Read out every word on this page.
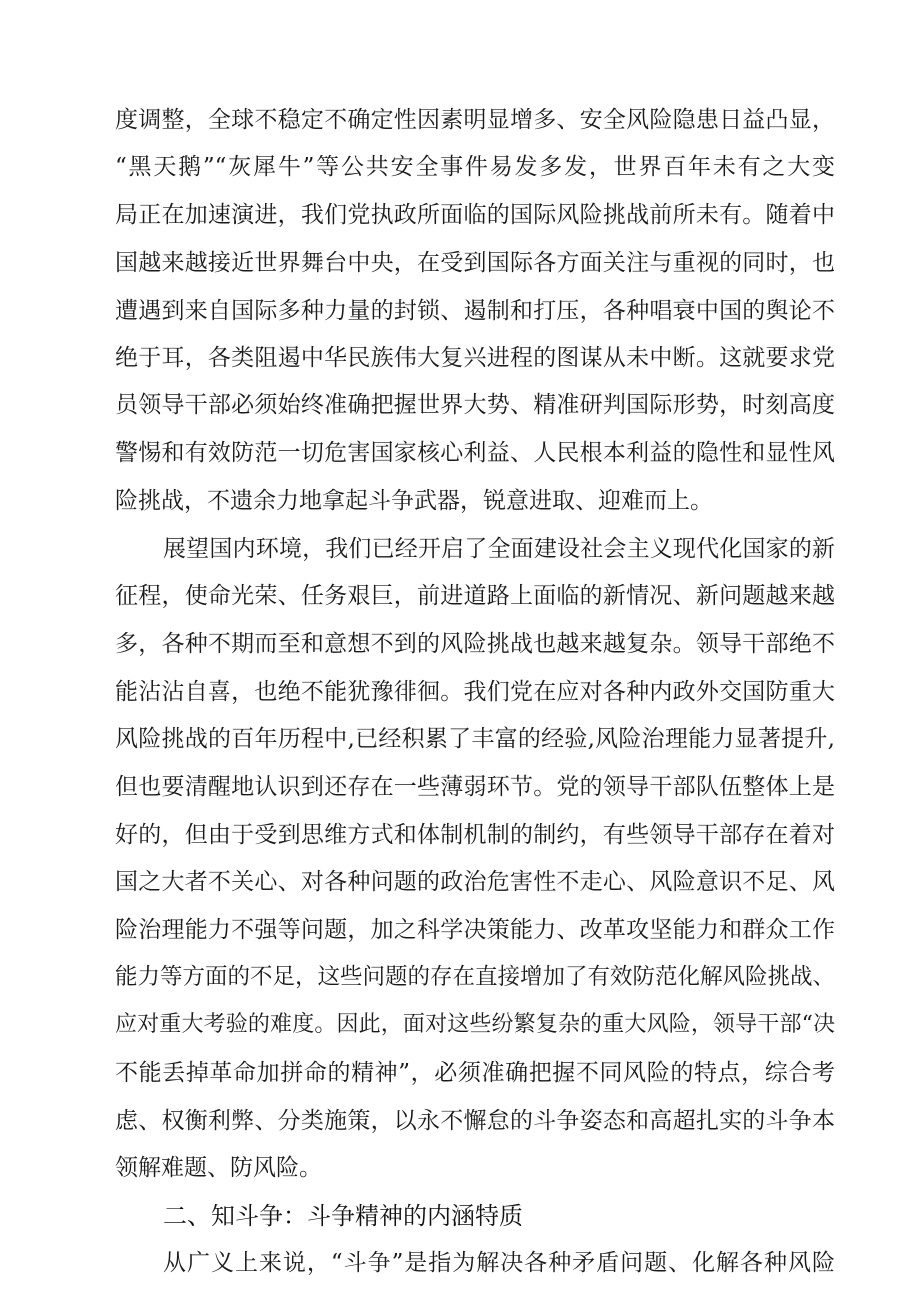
度调整，全球不稳定不确定性因素明显增多、安全风险隐患日益凸显，
“黑天鹅”“灰犀牛”等公共安全事件易发多发，世界百年未有之大变
局正在加速演进，我们党执政所面临的国际风险挑战前所未有。随着中
国越来越接近世界舞台中央，在受到国际各方面关注与重视的同时，也
遭遇到来自国际多种力量的封锁、遏制和打压，各种唱衰中国的舆论不
绝于耳，各类阻遏中华民族伟大复兴进程的图谋从未中断。这就要求党
员领导干部必须始终准确把握世界大势、精准研判国际形势，时刻高度
警惕和有效防范一切危害国家核心利益、人民根本利益的隐性和显性风
险挑战，不遗余力地拿起斗争武器，锐意进取、迎难而上。
展望国内环境，我们已经开启了全面建设社会主义现代化国家的新
征程，使命光荣、任务艰巨，前进道路上面临的新情况、新问题越来越
多，各种不期而至和意想不到的风险挑战也越来越复杂。领导干部绝不
能沾沾自喜，也绝不能犹豫徘徊。我们党在应对各种内政外交国防重大
风险挑战的百年历程中,已经积累了丰富的经验,风险治理能力显著提升,
但也要清醒地认识到还存在一些薄弱环节。党的领导干部队伍整体上是
好的，但由于受到思维方式和体制机制的制约，有些领导干部存在着对
国之大者不关心、对各种问题的政治危害性不走心、风险意识不足、风
险治理能力不强等问题，加之科学决策能力、改革攻坚能力和群众工作
能力等方面的不足，这些问题的存在直接增加了有效防范化解风险挑战、
应对重大考验的难度。因此，面对这些纷繁复杂的重大风险，领导干部“决
不能丢掉革命加拼命的精神”，必须准确把握不同风险的特点，综合考
虑、权衡利弊、分类施策，以永不懈怠的斗争姿态和高超扎实的斗争本
领解难题、防风险。
二、知斗争：斗争精神的内涵特质
从广义上来说，“斗争”是指为解决各种矛盾问题、化解各种风险
